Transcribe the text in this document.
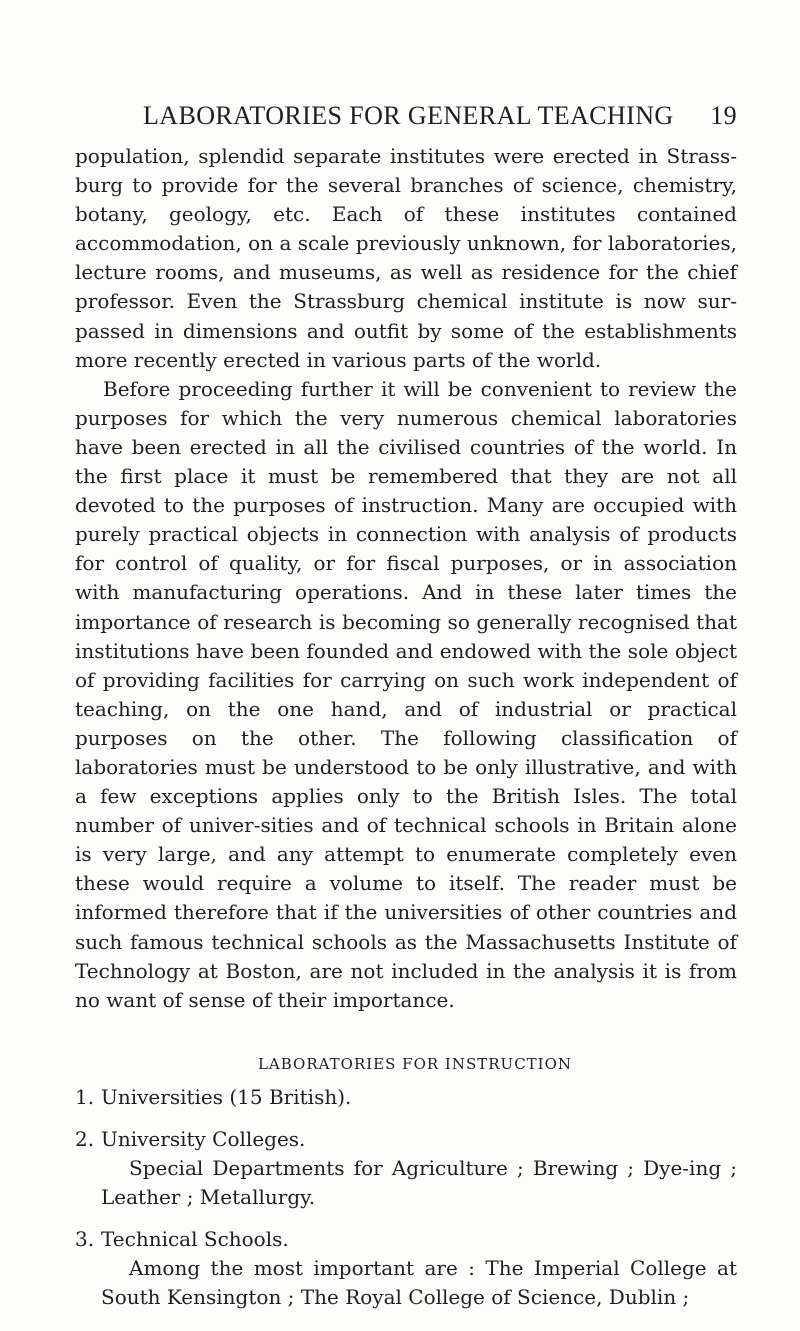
LABORATORIES FOR GENERAL TEACHING 19

population, splendid separate institutes were erected in Strass-burg to provide for the several branches of science, chemistry, botany, geology, etc. Each of these institutes contained accommodation, on a scale previously unknown, for laboratories, lecture rooms, and museums, as well as residence for the chief professor. Even the Strassburg chemical institute is now sur-passed in dimensions and outfit by some of the establishments more recently erected in various parts of the world.

Before proceeding further it will be convenient to review the purposes for which the very numerous chemical laboratories have been erected in all the civilised countries of the world. In the first place it must be remembered that they are not all devoted to the purposes of instruction. Many are occupied with purely practical objects in connection with analysis of products for control of quality, or for fiscal purposes, or in association with manufacturing operations. And in these later times the importance of research is becoming so generally recognised that institutions have been founded and endowed with the sole object of providing facilities for carrying on such work independent of teaching, on the one hand, and of industrial or practical purposes on the other. The following classification of laboratories must be understood to be only illustrative, and with a few exceptions applies only to the British Isles. The total number of univer-sities and of technical schools in Britain alone is very large, and any attempt to enumerate completely even these would require a volume to itself. The reader must be informed therefore that if the universities of other countries and such famous technical schools as the Massachusetts Institute of Technology at Boston, are not included in the analysis it is from no want of sense of their importance.

LABORATORIES FOR INSTRUCTION
1. Universities (15 British).
2. University Colleges.
Special Departments for Agriculture ; Brewing ; Dye-ing ; Leather ; Metallurgy.
3. Technical Schools.
Among the most important are : The Imperial College at South Kensington ; The Royal College of Science, Dublin ;
